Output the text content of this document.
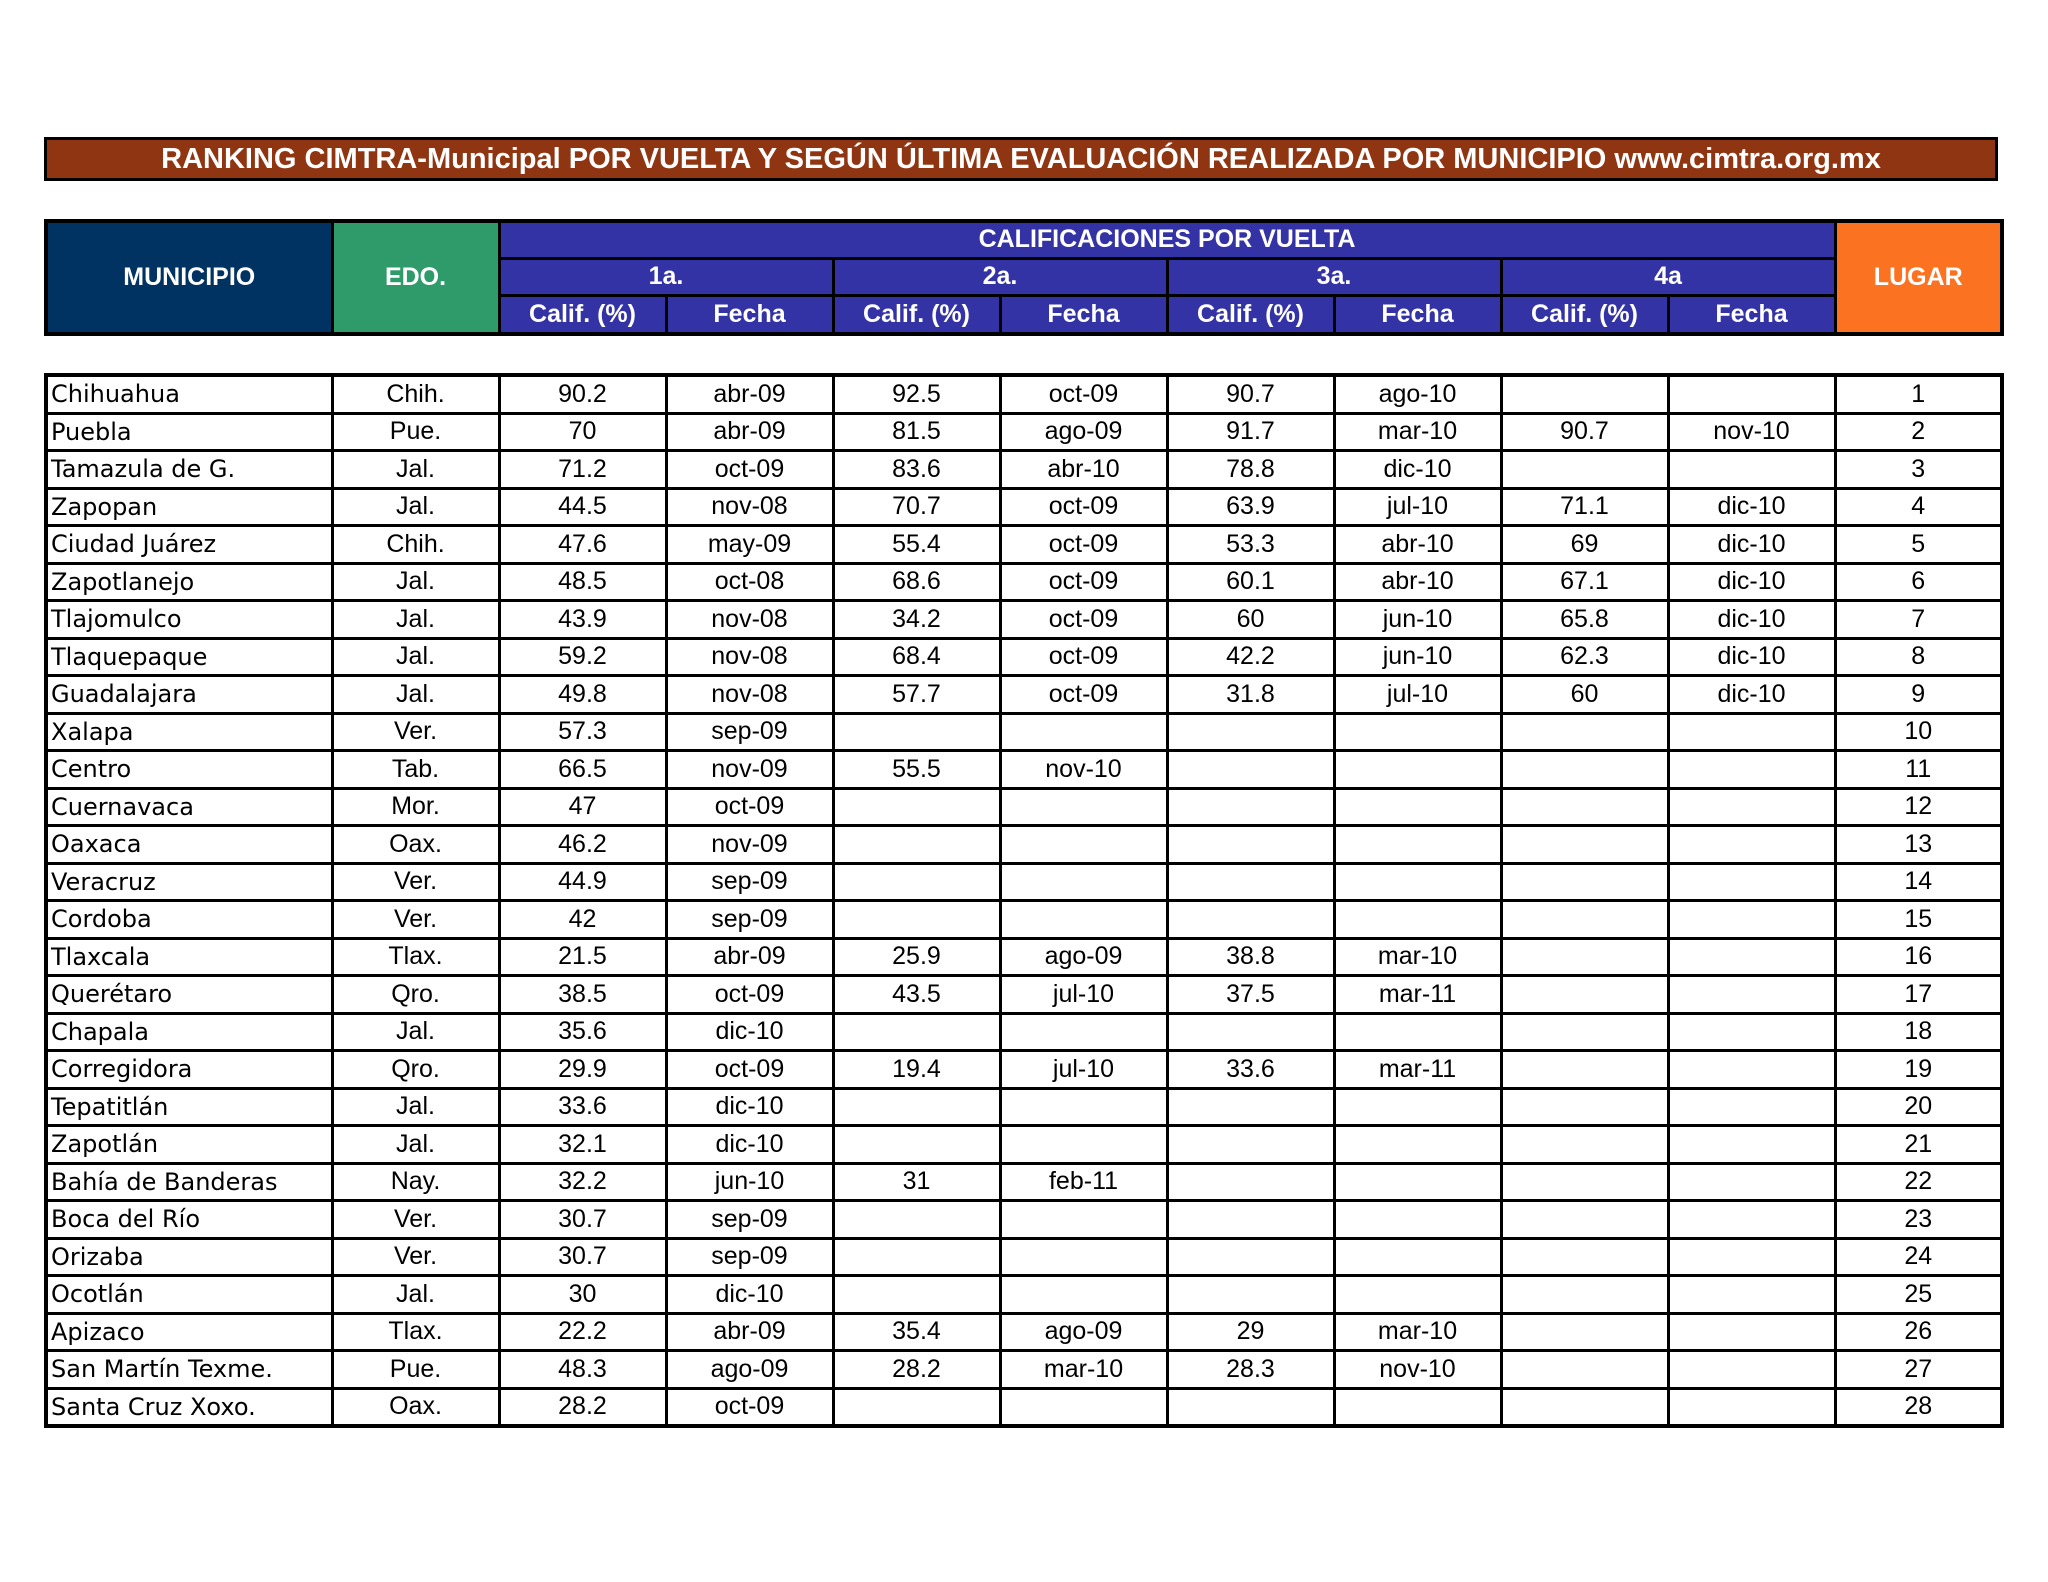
RANKING CIMTRA-Municipal POR VUELTA Y SEGÚN ÚLTIMA EVALUACIÓN REALIZADA POR MUNICIPIO www.cimtra.org.mx
MUNICIPIO	EDO.	CALIFICACIONES POR VUELTA								LUGAR
		1a.		2a.		3a.		4a		
		Calif. (%)	Fecha	Calif. (%)	Fecha	Calif. (%)	Fecha	Calif. (%)	Fecha	
Chihuahua	Chih.	90.2	abr-09	92.5	oct-09	90.7	ago-10			1
Puebla	Pue.	70	abr-09	81.5	ago-09	91.7	mar-10	90.7	nov-10	2
Tamazula de G.	Jal.	71.2	oct-09	83.6	abr-10	78.8	dic-10			3
Zapopan	Jal.	44.5	nov-08	70.7	oct-09	63.9	jul-10	71.1	dic-10	4
Ciudad Juárez	Chih.	47.6	may-09	55.4	oct-09	53.3	abr-10	69	dic-10	5
Zapotlanejo	Jal.	48.5	oct-08	68.6	oct-09	60.1	abr-10	67.1	dic-10	6
Tlajomulco	Jal.	43.9	nov-08	34.2	oct-09	60	jun-10	65.8	dic-10	7
Tlaquepaque	Jal.	59.2	nov-08	68.4	oct-09	42.2	jun-10	62.3	dic-10	8
Guadalajara	Jal.	49.8	nov-08	57.7	oct-09	31.8	jul-10	60	dic-10	9
Xalapa	Ver.	57.3	sep-09							10
Centro	Tab.	66.5	nov-09	55.5	nov-10					11
Cuernavaca	Mor.	47	oct-09							12
Oaxaca	Oax.	46.2	nov-09							13
Veracruz	Ver.	44.9	sep-09							14
Cordoba	Ver.	42	sep-09							15
Tlaxcala	Tlax.	21.5	abr-09	25.9	ago-09	38.8	mar-10			16
Querétaro	Qro.	38.5	oct-09	43.5	jul-10	37.5	mar-11			17
Chapala	Jal.	35.6	dic-10							18
Corregidora	Qro.	29.9	oct-09	19.4	jul-10	33.6	mar-11			19
Tepatitlán	Jal.	33.6	dic-10							20
Zapotlán	Jal.	32.1	dic-10							21
Bahía de Banderas	Nay.	32.2	jun-10	31	feb-11					22
Boca del Río	Ver.	30.7	sep-09							23
Orizaba	Ver.	30.7	sep-09							24
Ocotlán	Jal.	30	dic-10							25
Apizaco	Tlax.	22.2	abr-09	35.4	ago-09	29	mar-10			26
San Martín Texme.	Pue.	48.3	ago-09	28.2	mar-10	28.3	nov-10			27
Santa Cruz Xoxo.	Oax.	28.2	oct-09							28
